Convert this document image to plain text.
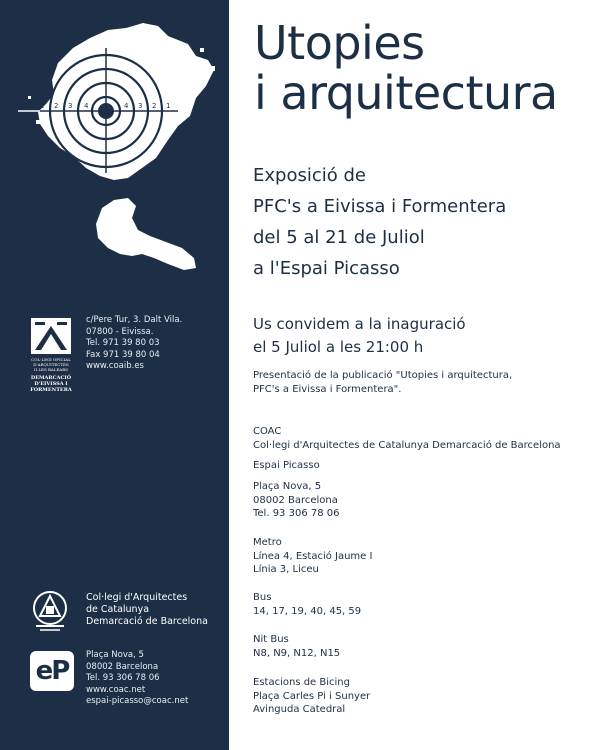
1 2 3 4	4 3 2 1
COL·LEGI OFICIAL
D'ARQUITECTES
II.LES BALEARS
DEMARCACIÓ
D'EIVISSA I
FORMENTERA
c/Pere Tur, 3. Dalt Vila.
07800 - Eivissa.
Tel. 971 39 80 03
Fax 971 39 80 04
www.coaib.es
Col·legi d'Arquitectes
de Catalunya
Demarcació de Barcelona
eP
Plaça Nova, 5
08002 Barcelona
Tel. 93 306 78 06
www.coac.net
espai-picasso@coac.net
Utopies
i arquitectura
Exposició de
PFC's a Eivissa i Formentera
del 5 al 21 de Juliol
a l'Espai Picasso
Us convidem a la inaguració
el 5 Juliol a les 21:00 h
Presentació de la publicació "Utopies i arquitectura,
PFC's a Eivissa i Formentera".
COAC
Col·legi d'Arquitectes de Catalunya Demarcació de Barcelona
Espai Picasso
Plaça Nova, 5
08002 Barcelona
Tel. 93 306 78 06
Metro
Línea 4, Estació Jaume I
Línia 3, Liceu
Bus
14, 17, 19, 40, 45, 59
Nit Bus
N8, N9, N12, N15
Estacions de Bicing
Plaça Carles Pi i Sunyer
Avinguda Catedral
